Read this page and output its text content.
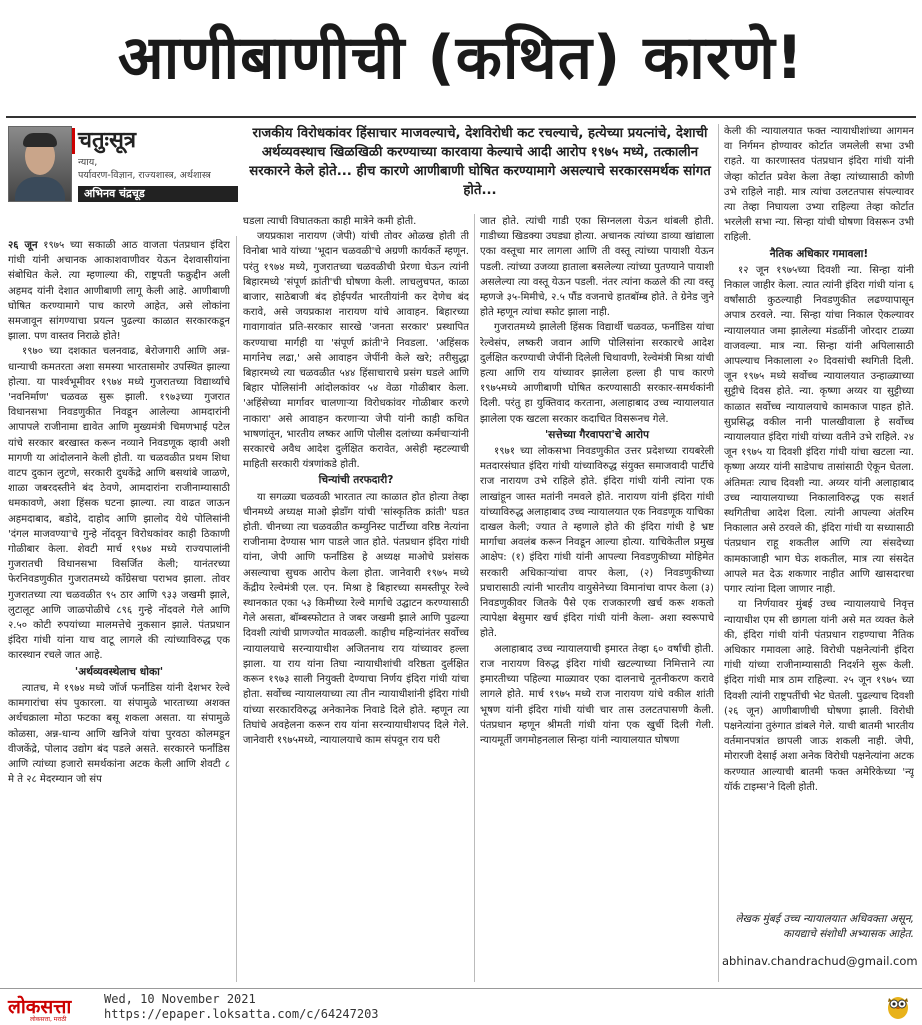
आणीबाणीची (कथित) कारणे!
चतुःसूत्र
न्याय,
पर्यावरण-विज्ञान, राज्यशास्त्र, अर्थशास्त्र
अभिनव चंद्रचूड
राजकीय विरोधकांवर हिंसाचार माजवल्याचे, देशविरोधी कट रचल्याचे, हत्येच्या प्रयत्नांचे, देशाची अर्थव्यवस्थाच खिळखिळी करण्याच्या कारवाया केल्याचे आदी आरोप १९७५ मध्ये, तत्कालीन सरकारने केले होते... हीच कारणे आणीबाणी घोषित करण्यामागे असल्याचे सरकारसमर्थक सांगत होते...

२६ जून १९७५ च्या सकाळी आठ वाजता पंतप्रधान इंदिरा गांधी यांनी अचानक आकाशवाणीवर येऊन देशवासीयांना संबोधित केले. त्या म्हणाल्या की, राष्ट्रपती फक्रुद्दीन अली अहमद यांनी देशात आणीबाणी लागू केली आहे. आणीबाणी घोषित करण्यामागे पाच कारणे आहेत, असे लोकांना समजावून सांगण्याचा प्रयत्न पुढल्या काळात सरकारकडून झाला. पण वास्तव निराळे होते!

१९७० च्या दशकात चलनवाढ, बेरोजगारी आणि अन्न-धान्याची कमतरता अशा समस्या भारतासमोर उपस्थित झाल्या होत्या. या पार्श्वभूमीवर १९७४ मध्ये गुजरातच्या विद्यार्थ्यांचे 'नवनिर्माण' चळवळ सुरू झाली. १९७३च्या गुजरात विधानसभा निवडणुकीत निवडून आलेल्या आमदारांनी आपापले राजीनामा द्यावेत आणि मुख्यमंत्री चिमणभाई पटेल यांचे सरकार बरखास्त करून नव्याने निवडणूक व्हावी अशी मागणी या आंदोलनाने केली होती. या चळवळीत प्रथम शिधा वाटप दुकान लुटणे, सरकारी दुधकेंद्रे आणि बसथांबे जाळणे, शाळा जबरदस्तीने बंद ठेवणे, आमदारांना राजीनाम्यासाठी धमकावणे, अशा हिंसक घटना झाल्या. त्या वाढत जाऊन अहमदाबाद, बडोदे, दाहोद आणि झालोद येथे पोलिसांनी 'दंगल माजवण्या'चे गुन्हे नोंदवून विरोधकांवर काही ठिकाणी गोळीबार केला. शेवटी मार्च १९७४ मध्ये राज्यपालांनी गुजरातची विधानसभा विसर्जित केली; यानंतरच्या फेरनिवडणुकीत गुजरातमध्ये काँग्रेसचा पराभव झाला. तोवर गुजरातच्या त्या चळवळीत ९५ ठार आणि ९३३ जखमी झाले, लुटालूट आणि जाळपोळीचे ८९६ गुन्हे नोंदवले गेले आणि २.५० कोटी रुपयांच्या मालमत्तेचे नुकसान झाले. पंतप्रधान इंदिरा गांधी यांना याच वाटू लागले की त्यांच्याविरुद्ध एक कारस्थान रचले जात आहे.

'अर्थव्यवस्थेलाच धोका'

त्यातच, मे १९७४ मध्ये जॉर्ज फर्नांडिस यांनी देशभर रेल्वे कामगारांचा संप पुकारला. या संपामुळे भारताच्या अशक्त अर्थचक्राला मोठा फटका बसू शकला असता. या संपामुळे कोळसा, अन्न-धान्य आणि खनिजे यांचा पुरवठा कोलमडून वीजकेंद्रे, पोलाद उद्योग बंद पडले असते. सरकारने फर्नांडिस आणि त्यांच्या हजारो समर्थकांना अटक केली आणि शेवटी ८ मे ते २८ मेदरम्यान जो संप

घडला त्याची विघातकता काही मात्रेने कमी होती.

जयप्रकाश नारायण (जेपी) यांची तोवर ओळख होती ती विनोबा भावे यांच्या 'भूदान चळवळी'चे अग्रणी कार्यकर्ते म्हणून. परंतु १९७४ मध्ये, गुजरातच्या चळवळीची प्रेरणा घेऊन त्यांनी बिहारमध्ये 'संपूर्ण क्रांती'ची घोषणा केली. लाचलुचपत, काळा बाजार, साठेबाजी बंद होईपर्यंत भारतीयांनी कर देणेच बंद करावे, असे जयप्रकाश नारायण यांचे आवाहन. बिहारच्या गावागावांत प्रति-सरकार सारखे 'जनता सरकार' प्रस्थापित करण्याचा मार्गही या 'संपूर्ण क्रांती'ने निवडला. 'अहिंसक मार्गानेच लढा,' असे आवाहन जेपींनी केले खरे; तरीसुद्धा बिहारमध्ये त्या चळवळीत ५४४ हिंसाचाराचे प्रसंग घडले आणि बिहार पोलिसांनी आंदोलकांवर ५४ वेळा गोळीबार केला. 'अहिंसेच्या मार्गावर चालणाऱ्या विरोधकांवर गोळीबार करणे नाकारा' असे आवाहन करणाऱ्या जेपी यांनी काही कथित भाषणांतून, भारतीय लष्कर आणि पोलीस दलांच्या कर्मचाऱ्यांनी सरकारचे अवैध आदेश दुर्लक्षित करावेत, असेही म्हटल्याची माहिती सरकारी यंत्रणांकडे होती.

चिन्यांची तरफदारी?

या सगळ्या चळवळी भारतात त्या काळात होत होत्या तेव्हा चीनमध्ये अध्यक्ष माओ झेडाँग यांची 'सांस्कृतिक क्रांती' घडत होती. चीनच्या त्या चळवळीत कम्युनिस्ट पार्टीच्या वरिष्ठ नेत्यांना राजीनामा देण्यास भाग पाडले जात होते. पंतप्रधान इंदिरा गांधी यांना, जेपी आणि फर्नांडिस हे अध्यक्ष माओचे प्रशंसक असल्याचा सुचक आरोप केला होता. जानेवारी १९७५ मध्ये केंद्रीय रेल्वेमंत्री एल. एन. मिश्रा हे बिहारच्या समस्तीपूर रेल्वे स्थानकात एका ५३ किमीच्या रेल्वे मार्गाचे उद्घाटन करण्यासाठी गेले असता, बॉम्बस्फोटात ते जबर जखमी झाले आणि पुढल्या दिवशी त्यांची प्राणज्योत मावळली. काहीच महिन्यांनंतर सर्वोच्च न्यायालयाचे सरन्यायाधीश अजितनाथ राय यांच्यावर हल्ला झाला. या राय यांना तिघा न्यायाधीशांची वरिष्ठता दुर्लक्षित करून १९७३ साली नियुक्ती देण्याचा निर्णय इंदिरा गांधी यांचा होता. सर्वोच्च न्यायालयाच्या त्या तीन न्यायाधीशांनी इंदिरा गांधी यांच्या सरकारविरुद्ध अनेकानेक निवाडे दिले होते. म्हणून त्या तिघांचे अवहेलना करून राय यांना सरन्यायाधीशपद दिले गेले. जानेवारी १९७५मध्ये, न्यायालयाचे काम संपवून राय घरी

जात होते. त्यांची गाडी एका सिग्नलला येऊन थांबली होती. गाडीच्या खिडक्या उघड्या होत्या. अचानक त्यांच्या डाव्या खांद्याला एका वस्तूचा मार लागला आणि ती वस्तू त्यांच्या पायाशी येऊन पडली. त्यांच्या उजव्या हाताला बसलेल्या त्यांच्या पुतण्याने पायाशी असलेल्या त्या वस्तू येऊन पडली. नंतर त्यांना कळले की त्या वस्तू म्हणजे ३५-मिमीचे, २.५ पौंड वजनाचे हातबॉम्ब होते. ते ग्रेनेड जुने होते म्हणून त्यांचा स्फोट झाला नाही.

गुजरातमध्ये झालेली हिंसक विद्यार्थी चळवळ, फर्नांडिस यांचा रेल्वेसंप, लष्करी जवान आणि पोलिसांना सरकारचे आदेश दुर्लक्षित करण्याची जेपींनी दिलेली चिथावणी, रेल्वेमंत्री मिश्रा यांची हत्या आणि राय यांच्यावर झालेला हल्ला ही पाच कारणे १९७५मध्ये आणीबाणी घोषित करण्यासाठी सरकार-समर्थकांनी दिली. परंतु हा युक्तिवाद करताना, अलाहाबाद उच्च न्यायालयात झालेला एक खटला सरकार कदाचित विसरूनच गेले.

'सत्तेच्या गैरवापरा'चे आरोप

१९७१ च्या लोकसभा निवडणुकीत उत्तर प्रदेशच्या रायबरेली मतदारसंघात इंदिरा गांधी यांच्याविरुद्ध संयुक्त समाजवादी पार्टीचे राज नारायण उभे राहिले होते. इंदिरा गांधी यांनी त्यांना एक लाखांहून जास्त मतांनी नमवले होते. नारायण यांनी इंदिरा गांधी यांच्याविरुद्ध अलाहाबाद उच्च न्यायालयात एक निवडणूक याचिका दाखल केली; ज्यात ते म्हणाले होते की इंदिरा गांधी हे भ्रष्ट मार्गाचा अवलंब करून निवडून आल्या होत्या. याचिकेतील प्रमुख आक्षेप: (१) इंदिरा गांधी यांनी आपल्या निवडणुकीच्या मोहिमेत सरकारी अधिकाऱ्यांचा वापर केला, (२) निवडणुकीच्या प्रचारासाठी त्यांनी भारतीय वायुसेनेच्या विमानांचा वापर केला (३) निवडणुकीवर जितके पैसे एक राजकारणी खर्च करू शकतो त्यापेक्षा बेसुमार खर्च इंदिरा गांधी यांनी केला- अशा स्वरूपाचे होते.

अलाहाबाद उच्च न्यायालयाची इमारत तेव्हा ६० वर्षांची होती. राज नारायण विरुद्ध इंदिरा गांधी खटल्याच्या निमित्ताने त्या इमारतीच्या पहिल्या माळ्यावर एका दालनाचे नूतनीकरण करावे लागले होते. मार्च १९७५ मध्ये राज नारायण यांचे वकील शांती भूषण यांनी इंदिरा गांधी यांची चार तास उलटतपासणी केली. पंतप्रधान म्हणून श्रीमती गांधी यांना एक खुर्ची दिली गेली. न्यायमूर्ती जगमोहनलाल सिन्हा यांनी न्यायालयात घोषणा

केली की न्यायालयात फक्त न्यायाधीशांच्या आगमन वा निर्गमन होण्यावर कोर्टात जमलेली सभा उभी राहते. या कारणास्तव पंतप्रधान इंदिरा गांधी यांनी जेव्हा कोर्टात प्रवेश केला तेव्हा त्यांच्यासाठी कोणी उभे राहिले नाही. मात्र त्यांचा उलटतपास संपल्यावर त्या तेव्हा निघायला उभ्या राहिल्या तेव्हा कोर्टात भरलेली सभा न्या. सिन्हा यांची घोषणा विसरून उभी राहिली.

नैतिक अधिकार गमावला!

१२ जून १९७५च्या दिवशी न्या. सिन्हा यांनी निकाल जाहीर केला. त्यात त्यांनी इंदिरा गांधी यांना ६ वर्षांसाठी कुठल्याही निवडणुकीत लढण्यापासून अपात्र ठरवले. न्या. सिन्हा यांचा निकाल ऐकल्यावर न्यायालयात जमा झालेल्या मंडळींनी जोरदार टाळ्या वाजवल्या. मात्र न्या. सिन्हा यांनी अपिलासाठी आपल्याच निकालाला २० दिवसांची स्थगिती दिली. जून १९७५ मध्ये सर्वोच्च न्यायालयात उन्हाळ्याच्या सुट्टीचे दिवस होते. न्या. कृष्णा अय्यर या सुट्टीच्या काळात सर्वोच्च न्यायालयाचे कामकाज पाहत होते. सुप्रसिद्ध वकील नानी पालखीवाला हे सर्वोच्च न्यायालयात इंदिरा गांधी यांच्या वतीने उभे राहिले. २४ जून १९७५ या दिवशी इंदिरा गांधी यांचा खटला न्या. कृष्णा अय्यर यांनी साडेपाच तासांसाठी ऐकून घेतला. अंतिमतः त्याच दिवशी न्या. अय्यर यांनी अलाहाबाद उच्च न्यायालयाच्या निकालाविरुद्ध एक सशर्त स्थगितीचा आदेश दिला. त्यांनी आपल्या अंतरिम निकालात असे ठरवले की, इंदिरा गांधी या सध्यासाठी पंतप्रधान राहू शकतील आणि त्या संसदेच्या कामकाजाही भाग घेऊ शकतील, मात्र त्या संसदेत आपले मत देऊ शकणार नाहीत आणि खासदारचा पगार त्यांना दिला जाणार नाही.

या निर्णयावर मुंबई उच्च न्यायालयाचे निवृत्त न्यायाधीश एम सी छागला यांनी असे मत व्यक्त केले की, इंदिरा गांधी यांनी पंतप्रधान राहण्याचा नैतिक अधिकार गमावला आहे. विरोधी पक्षनेत्यांनी इंदिरा गांधी यांच्या राजीनाम्यासाठी निदर्शने सुरू केली. इंदिरा गांधी मात्र ठाम राहिल्या. २५ जून १९७५ च्या दिवशी त्यांनी राष्ट्रपतींची भेट घेतली. पुढल्याच दिवशी (२६ जून) आणीबाणीची घोषणा झाली. विरोधी पक्षनेत्यांना तुरुंगात डांबले गेले. याची बातमी भारतीय वर्तमानपत्रांत छापली जाऊ शकली नाही. जेपी, मोरारजी देसाई अशा अनेक विरोधी पक्षनेत्यांना अटक करण्यात आल्याची बातमी फक्त अमेरिकेच्या 'न्यू यॉर्क टाइम्स'ने दिली होती.

लेखक मुंबई उच्च न्यायालयात अधिवक्ता असून, कायद्याचे संशोधी अभ्यासक आहेत.
abhinav.chandrachud@gmail.com
लोकसत्ता
लोकसत्ता, मराठी
Wed, 10 November 2021
https://epaper.loksatta.com/c/64247203
